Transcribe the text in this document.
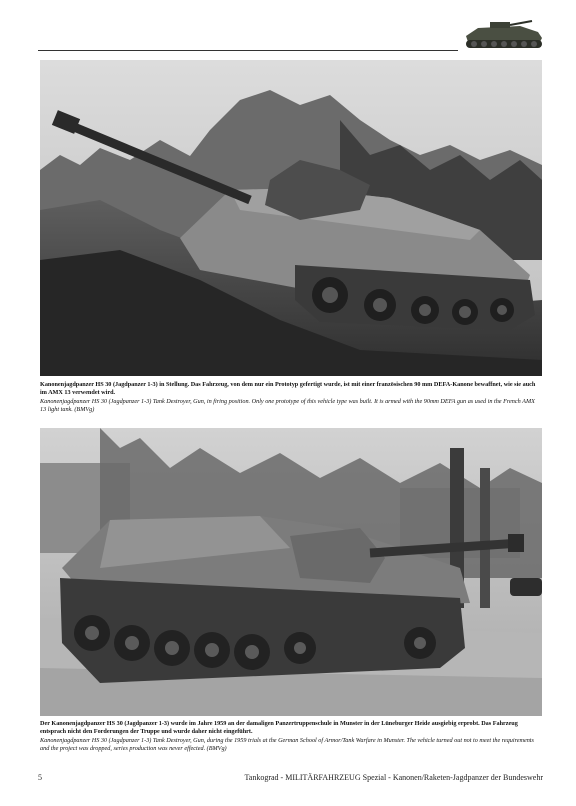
Kanonenjagdpanzer HS 30 (Jagdpanzer 1-3) in Stellung. Das Fahrzeug, von dem nur ein Prototyp gefertigt wurde, ist mit einer französischen 90 mm DEFA-Kanone bewaffnet, wie sie auch im AMX 13 verwendet wird.
Kanonenjagdpanzer HS 30 (Jagdpanzer 1-3) Tank Destroyer, Gun, in firing position. Only one prototype of this vehicle type was built. It is armed with the 90mm DEFA gun as used in the French AMX 13 light tank. (BMVg)
Der Kanonenjagdpanzer HS 30 (Jagdpanzer 1-3) wurde im Jahre 1959 an der damaligen Panzertruppenschule in Munster in der Lüneburger Heide ausgiebig erprobt. Das Fahrzeug entsprach nicht den Forderungen der Truppe und wurde daher nicht eingeführt.
Kanonenjagdpanzer HS 30 (Jagdpanzer 1-3) Tank Destroyer, Gun, during the 1959 trials at the German School of Armor/Tank Warfare in Munster. The vehicle turned out not to meet the requirements and the project was dropped, series production was never effected. (BMVg)
5	Tankograd - MILITÄRFAHRZEUG Spezial - Kanonen/Raketen-Jagdpanzer der Bundeswehr
